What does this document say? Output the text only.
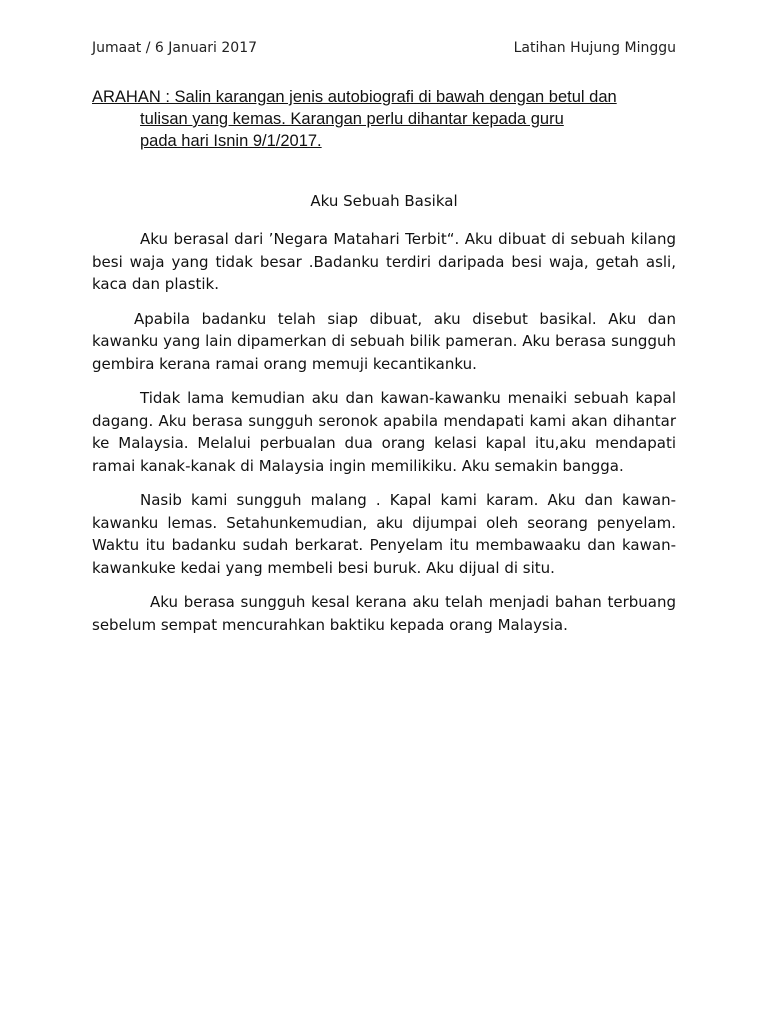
Jumaat / 6 Januari 2017	Latihan Hujung Minggu
ARAHAN : Salin karangan jenis autobiografi di bawah dengan betul dan
tulisan yang kemas. Karangan perlu dihantar kepada guru
pada hari Isnin 9/1/2017.
Aku Sebuah Basikal

Aku berasal dari ’Negara Matahari Terbit“. Aku dibuat di sebuah kilang besi waja yang tidak besar .Badanku terdiri daripada besi waja, getah asli, kaca dan plastik.

Apabila badanku telah siap dibuat, aku disebut basikal. Aku dan kawanku yang lain dipamerkan di sebuah bilik pameran. Aku berasa sungguh gembira kerana ramai orang memuji kecantikanku.

Tidak lama kemudian aku dan kawan-kawanku menaiki sebuah kapal dagang. Aku berasa sungguh seronok apabila mendapati kami akan dihantar ke Malaysia. Melalui perbualan dua orang kelasi kapal itu,aku mendapati ramai kanak-kanak di Malaysia ingin memilikiku. Aku semakin bangga.

Nasib kami sungguh malang . Kapal kami karam. Aku dan kawan-kawanku lemas. Setahunkemudian, aku dijumpai oleh seorang penyelam. Waktu itu badanku sudah berkarat. Penyelam itu membawaaku dan kawan-kawankuke kedai yang membeli besi buruk. Aku dijual di situ.

Aku berasa sungguh kesal kerana aku telah menjadi bahan terbuang sebelum sempat mencurahkan baktiku kepada orang Malaysia.
